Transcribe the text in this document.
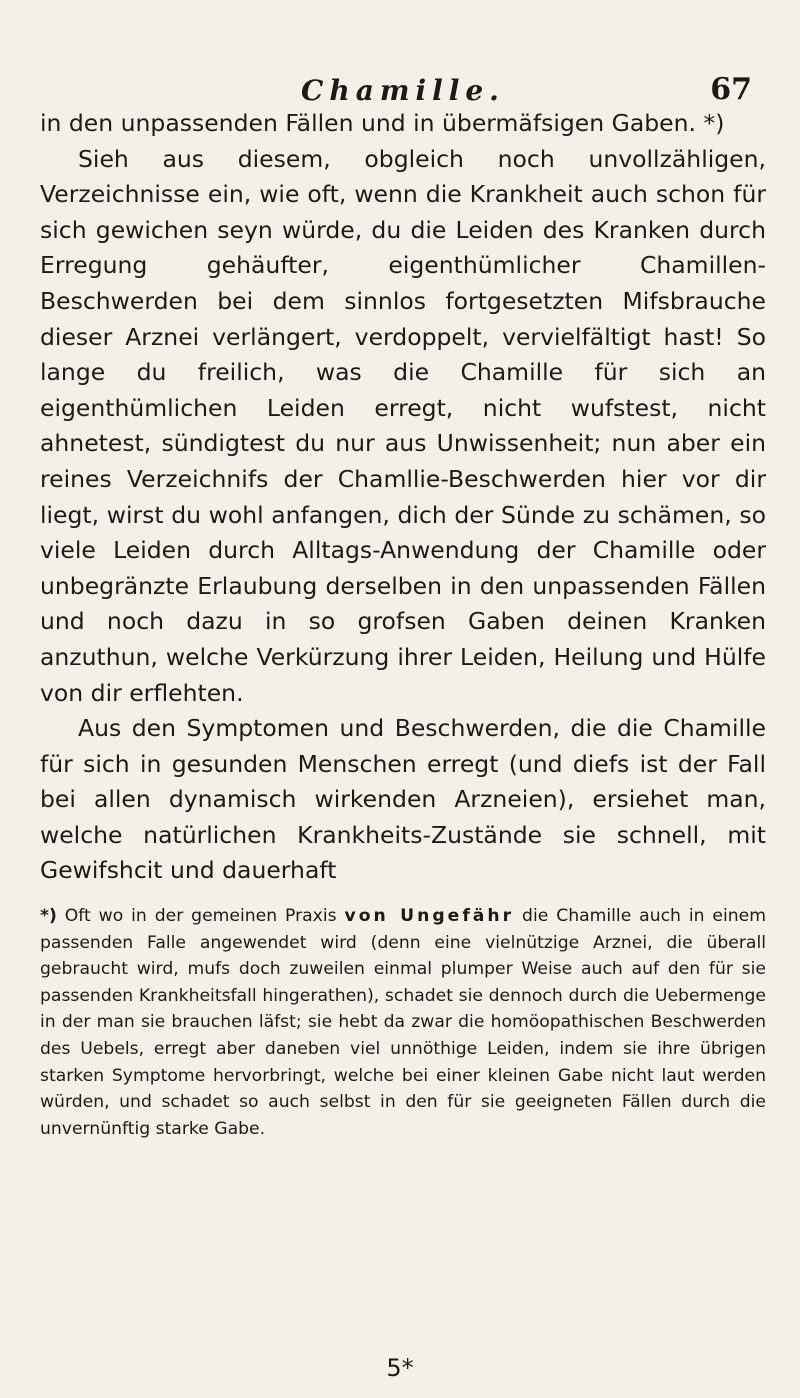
Chamille.	67

in den unpassenden Fällen und in übermäfsigen Gaben. *)

Sieh aus diesem, obgleich noch unvollzähligen, Verzeichnisse ein, wie oft, wenn die Krankheit auch schon für sich gewichen seyn würde, du die Leiden des Kranken durch Erregung gehäufter, eigenthümlicher Chamillen-Beschwerden bei dem sinnlos fortgesetzten Mifsbrauche dieser Arznei verlängert, verdoppelt, vervielfältigt hast! So lange du freilich, was die Chamille für sich an eigenthümlichen Leiden erregt, nicht wufstest, nicht ahnetest, sündigtest du nur aus Unwissenheit; nun aber ein reines Verzeichnifs der Chamllie-Beschwerden hier vor dir liegt, wirst du wohl anfangen, dich der Sünde zu schämen, so viele Leiden durch Alltags-Anwendung der Chamille oder unbegränzte Erlaubung derselben in den unpassenden Fällen und noch dazu in so grofsen Gaben deinen Kranken anzuthun, welche Verkürzung ihrer Leiden, Heilung und Hülfe von dir erflehten.

Aus den Symptomen und Beschwerden, die die Chamille für sich in gesunden Menschen erregt (und diefs ist der Fall bei allen dynamisch wirkenden Arzneien), ersiehet man, welche natürlichen Krankheits-Zustände sie schnell, mit Gewifshcit und dauerhaft

*) Oft wo in der gemeinen Praxis von Ungefähr die Chamille auch in einem passenden Falle angewendet wird (denn eine vielnützige Arznei, die überall gebraucht wird, mufs doch zuweilen einmal plumper Weise auch auf den für sie passenden Krankheitsfall hingerathen), schadet sie dennoch durch die Uebermenge in der man sie brauchen läfst; sie hebt da zwar die homöopathischen Beschwerden des Uebels, erregt aber daneben viel unnöthige Leiden, indem sie ihre übrigen starken Symptome hervorbringt, welche bei einer kleinen Gabe nicht laut werden würden, und schadet so auch selbst in den für sie geeigneten Fällen durch die unvernünftig starke Gabe.
5*
